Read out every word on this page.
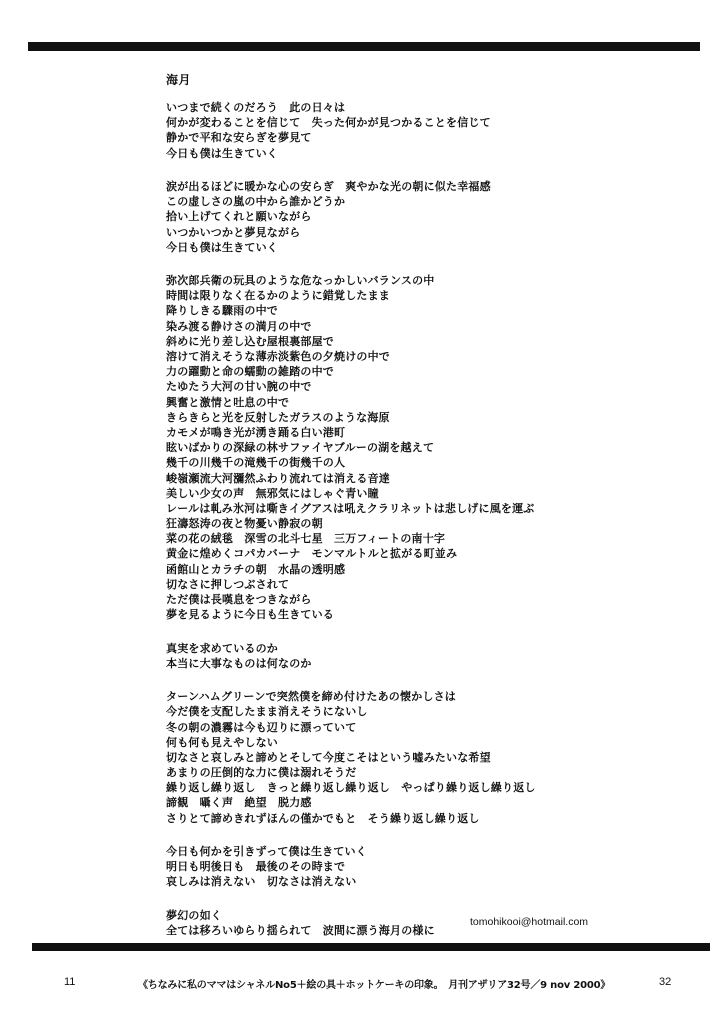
海月
いつまで続くのだろう　此の日々は
何かが変わることを信じて　失った何かが見つかることを信じて
静かで平和な安らぎを夢見て
今日も僕は生きていく
涙が出るほどに暖かな心の安らぎ　爽やかな光の朝に似た幸福感
この虚しさの嵐の中から誰かどうか
拾い上げてくれと願いながら
いつかいつかと夢見ながら
今日も僕は生きていく
弥次郎兵衛の玩具のような危なっかしいバランスの中
時間は限りなく在るかのように錯覚したまま
降りしきる驟雨の中で
染み渡る静けさの満月の中で
斜めに光り差し込む屋根裏部屋で
溶けて消えそうな薄赤淡紫色の夕焼けの中で
力の躍動と命の蠕動の雑踏の中で
たゆたう大河の甘い腕の中で
興奮と激情と吐息の中で
きらきらと光を反射したガラスのような海原
カモメが鳴き光が湧き踊る白い港町
眩いばかりの深緑の林サファイヤブルーの湖を越えて
幾千の川幾千の滝幾千の街幾千の人
峻嶺瀬流大河瀰然ふわり流れては消える音達
美しい少女の声　無邪気にはしゃぐ青い瞳
レールは軋み氷河は嘶きイグアスは吼えクラリネットは悲しげに風を運ぶ
狂濤怒涛の夜と物憂い静寂の朝
菜の花の絨毯　深雪の北斗七星　三万フィートの南十字
黄金に煌めくコパカバーナ　モンマルトルと拡がる町並み
函館山とカラチの朝　水晶の透明感
切なさに押しつぶされて
ただ僕は長嘆息をつきながら
夢を見るように今日も生きている
真実を求めているのか
本当に大事なものは何なのか
ターンハムグリーンで突然僕を締め付けたあの懐かしさは
今だ僕を支配したまま消えそうにないし
冬の朝の濃霧は今も辺りに漂っていて
何も何も見えやしない
切なさと哀しみと諦めとそして今度こそはという嘘みたいな希望
あまりの圧倒的な力に僕は溺れそうだ
繰り返し繰り返し　きっと繰り返し繰り返し　やっぱり繰り返し繰り返し
諦観　囁く声　絶望　脱力感
さりとて諦めきれずほんの僅かでもと　そう繰り返し繰り返し
今日も何かを引きずって僕は生きていく
明日も明後日も　最後のその時まで
哀しみは消えない　切なさは消えない
夢幻の如く
全ては移ろいゆらり揺られて　波間に漂う海月の様に
tomohikooi@hotmail.com
11	《ちなみに私のママはシャネルNo5＋絵の具＋ホットケーキの印象。　月刊アザリア32号／9 nov 2000》	32
